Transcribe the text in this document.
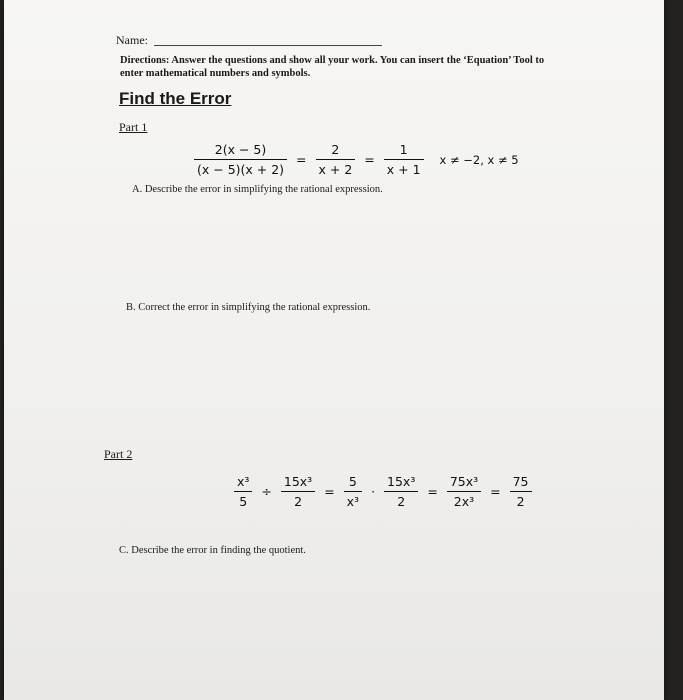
Name:
Directions: Answer the questions and show all your work. You can insert the ‘Equation’ Tool to enter mathematical numbers and symbols.
Find the Error
Part 1
$\frac{2(x - 5)}{(x - 5)(x + 2)} = \frac{2}{x + 2} = \frac{1}{x + 1}$ x ≠ −2, x ≠ 5
A. Describe the error in simplifying the rational expression.
B. Correct the error in simplifying the rational expression.
Part 2
$\frac{\text{x³}}{5} \div \frac{\text{15x³}}{2} = \frac{5}{\text{x³}} \cdot \frac{\text{15x³}}{2} = \frac{\text{75x³}}{\text{2x³}} = \frac{75}{2}$
C. Describe the error in finding the quotient.
